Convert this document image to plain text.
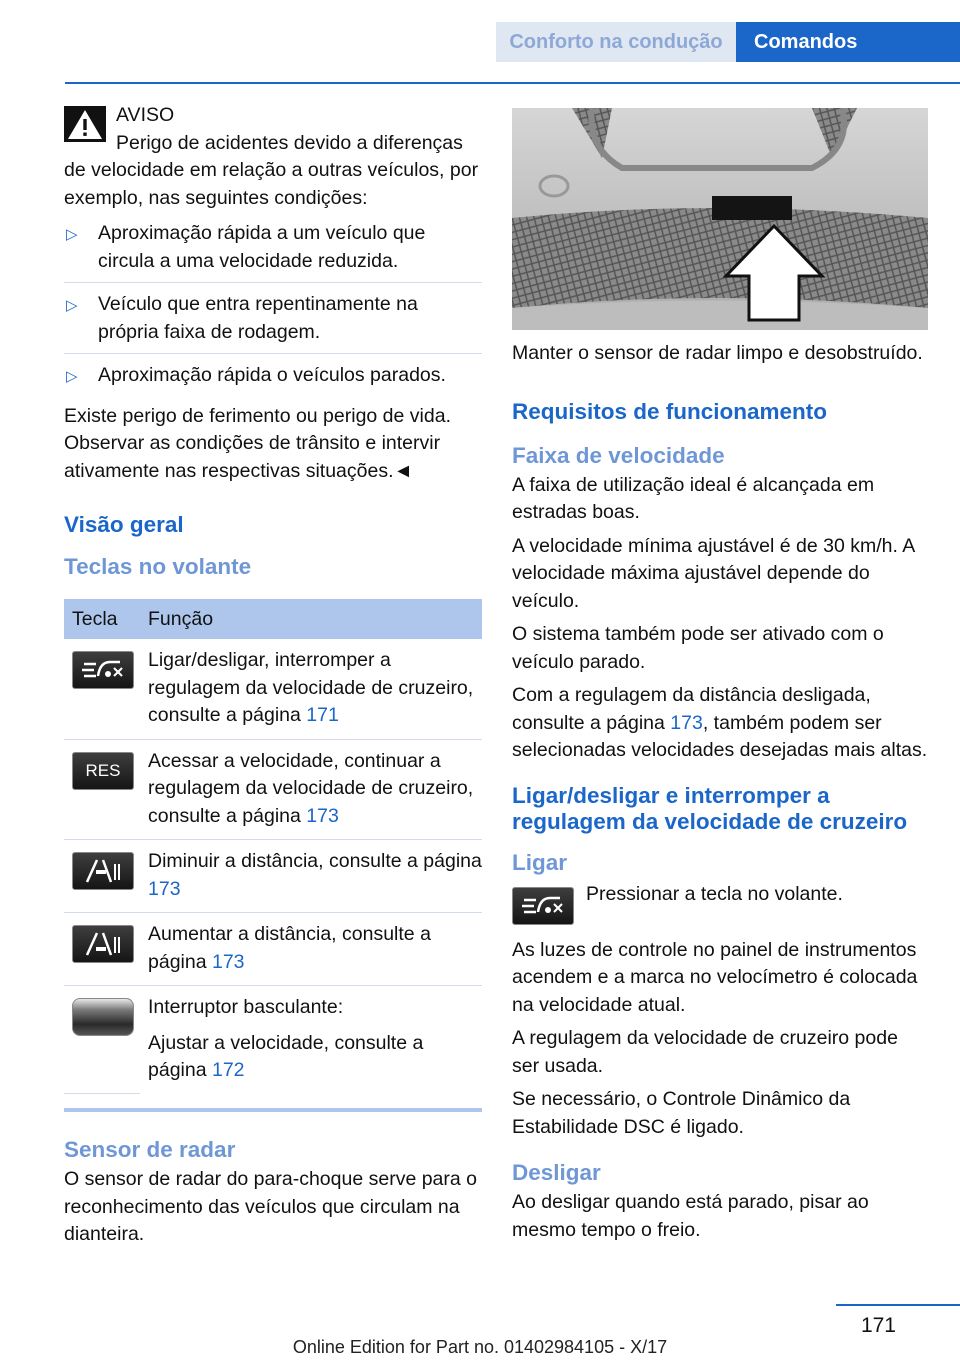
Conforto na condução	Comandos
AVISO
Perigo de acidentes devido a diferenças

de velocidade em relação a outras veículos, por exemplo, nas seguintes condições:

▷ Aproximação rápida a um veículo que circula a uma velocidade reduzida.
▷ Veículo que entra repentinamente na própria faixa de rodagem.
▷ Aproximação rápida o veículos parados.

Existe perigo de ferimento ou perigo de vida. Observar as condições de trânsito e intervir ativamente nas respectivas situações.◄

Visão geral
Teclas no volante
Tecla	Função

	Ligar/desligar, interromper a regulagem da velocidade de cruzeiro, consulte a página 171

RES	Acessar a velocidade, continuar a regulagem da velocidade de cruzeiro, consulte a página 173

	Diminuir a distância, consulte a página 173

	Aumentar a distância, consulte a página 173

	Interruptor basculante:

Ajustar a velocidade, consulte a página 172
Sensor de radar

O sensor de radar do para-choque serve para o reconhecimento das veículos que circulam na dianteira.

Manter o sensor de radar limpo e desobstruído.

Requisitos de funcionamento
Faixa de velocidade

A faixa de utilização ideal é alcançada em estradas boas.

A velocidade mínima ajustável é de 30 km/h. A velocidade máxima ajustável depende do veículo.

O sistema também pode ser ativado com o veículo parado.

Com a regulagem da distância desligada, consulte a página 173, também podem ser selecionadas velocidades desejadas mais altas.

Ligar/desligar e interromper a regulagem da velocidade de cruzeiro
Ligar

Pressionar a tecla no volante.

As luzes de controle no painel de instrumentos acendem e a marca no velocímetro é colocada na velocidade atual.

A regulagem da velocidade de cruzeiro pode ser usada.

Se necessário, o Controle Dinâmico da Estabilidade DSC é ligado.

Desligar

Ao desligar quando está parado, pisar ao mesmo tempo o freio.

171
Online Edition for Part no. 01402984105 - X/17
